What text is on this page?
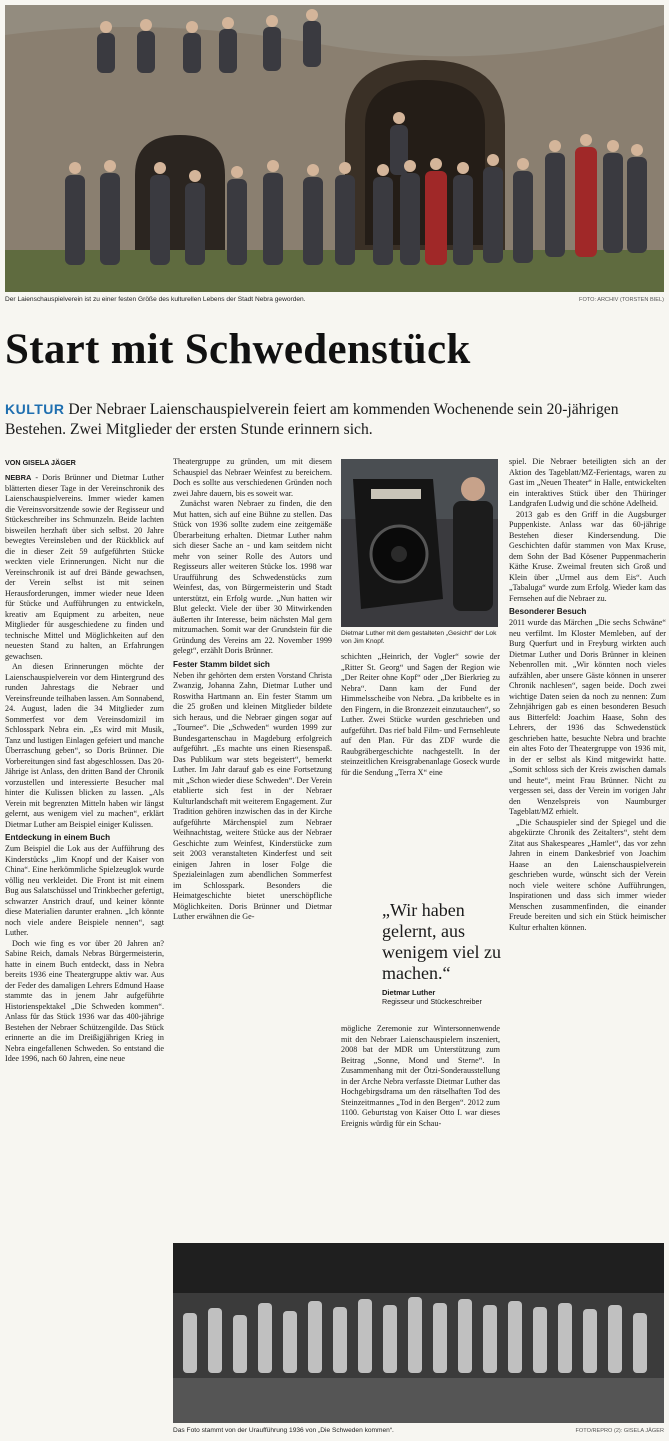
Der Laienschauspielverein ist zu einer festen Größe des kulturellen Lebens der Stadt Nebra geworden.	FOTO: ARCHIV (TORSTEN BIEL)
Start mit Schwedenstück
KULTUR Der Nebraer Laienschauspielverein feiert am kommenden Wochenende sein 20-jährigen Bestehen. Zwei Mitglieder der ersten Stunde erinnern sich.
VON GISELA JÄGER

NEBRA - Doris Brünner und Dietmar Luther blätterten dieser Tage in der Vereinschronik des Laienschauspielvereins. Immer wieder kamen die Vereinsvorsitzende sowie der Regisseur und Stückeschreiber ins Schmunzeln. Beide lachten bisweilen herzhaft über sich selbst. 20 Jahre bewegtes Vereinsleben und der Rückblick auf die in dieser Zeit 59 aufgeführten Stücke weckten viele Erinnerungen. Nicht nur die Vereinschronik ist auf drei Bände gewachsen, der Verein selbst ist mit seinen Herausforderungen, immer wieder neue Ideen für Stücke und Aufführungen zu entwickeln, kreativ am Equipment zu arbeiten, neue Mitglieder für ausgeschiedene zu finden und technische Mittel und Möglichkeiten auf den neuesten Stand zu halten, an Erfahrungen gewachsen.

An diesen Erinnerungen möchte der Laienschauspielverein vor dem Hintergrund des runden Jahrestags die Nebraer und Vereinsfreunde teilhaben lassen. Am Sonnabend, 24. August, laden die 34 Mitglieder zum Sommerfest vor dem Vereinsdomizil im Schlosspark Nebra ein. „Es wird mit Musik, Tanz und lustigen Einlagen gefeiert und manche Überraschung geben“, so Doris Brünner. Die Vorbereitungen sind fast abgeschlossen. Das 20-Jährige ist Anlass, den dritten Band der Chronik vorzustellen und interessierte Besucher mal hinter die Kulissen blicken zu lassen. „Als Verein mit begrenzten Mitteln haben wir längst gelernt, aus wenigem viel zu machen“, erklärt Dietmar Luther am Beispiel einiger Kulissen.

Entdeckung in einem Buch

Zum Beispiel die Lok aus der Aufführung des Kinderstücks „Jim Knopf und der Kaiser von China“. Eine herkömmliche Spielzeuglok wurde völlig neu verkleidet. Die Front ist mit einem Bug aus Salatschüssel und Trinkbecher gefertigt, schwarzer Anstrich drauf, und keiner könnte diese Materialien darunter erahnen. „Ich könnte noch viele andere Beispiele nennen“, sagt Luther.

Doch wie fing es vor über 20 Jahren an? Sabine Reich, damals Nebras Bürgermeisterin, hatte in einem Buch entdeckt, dass in Nebra bereits 1936 eine Theatergruppe aktiv war. Aus der Feder des damaligen Lehrers Edmund Haase stammte das in jenem Jahr aufgeführte Historienspektakel „Die Schweden kommen“. Anlass für das Stück 1936 war das 400-jährige Bestehen der Nebraer Schützengilde. Das Stück erinnerte an die im Dreißigjährigen Krieg in Nebra eingefallenen Schweden. So entstand die Idee 1996, nach 60 Jahren, eine neue

Theatergruppe zu gründen, um mit diesem Schauspiel das Nebraer Weinfest zu bereichern. Doch es sollte aus verschiedenen Gründen noch zwei Jahre dauern, bis es soweit war.

Zunächst waren Nebraer zu finden, die den Mut hatten, sich auf eine Bühne zu stellen. Das Stück von 1936 sollte zudem eine zeitgemäße Überarbeitung erhalten. Dietmar Luther nahm sich dieser Sache an - und kam seitdem nicht mehr von seiner Rolle des Autors und Regisseurs aller weiteren Stücke los. 1998 war Uraufführung des Schwedenstücks zum Weinfest, das, von Bürgermeisterin und Stadt unterstützt, ein Erfolg wurde. „Nun hatten wir Blut geleckt. Viele der über 30 Mitwirkenden äußerten ihr Interesse, beim nächsten Mal gern mitzumachen. Somit war der Grundstein für die Gründung des Vereins am 22. November 1999 gelegt“, erzählt Doris Brünner.

Fester Stamm bildet sich

Neben ihr gehörten dem ersten Vorstand Christa Zwanzig, Johanna Zahn, Dietmar Luther und Roswitha Hartmann an. Ein fester Stamm um die 25 großen und kleinen Mitglieder bildete sich heraus, und die Nebraer gingen sogar auf „Tournee“. Die „Schweden“ wurden 1999 zur Bundesgartenschau in Magdeburg erfolgreich aufgeführt. „Es machte uns einen Riesenspaß. Das Publikum war stets begeistert“, bemerkt Luther. Im Jahr darauf gab es eine Fortsetzung mit „Schon wieder diese Schweden“. Der Verein etablierte sich fest in der Nebraer Kulturlandschaft mit weiterem Engagement. Zur Tradition gehören inzwischen das in der Kirche aufgeführte Märchenspiel zum Nebraer Weihnachtstag, weitere Stücke aus der Nebraer Geschichte zum Weinfest, Kinderstücke zum seit 2003 veranstalteten Kinderfest und seit einigen Jahren in loser Folge die Spezialeinlagen zum abendlichen Sommerfest im Schlosspark. Besonders die Heimatgeschichte bietet unerschöpfliche Möglichkeiten. Doris Brünner und Dietmar Luther erwähnen die Ge-

Dietmar Luther mit dem gestalteten „Gesicht“ der Lok von Jim Knopf.

schichten „Heinrich, der Vogler“ sowie der „Ritter St. Georg“ und Sagen der Region wie „Der Reiter ohne Kopf“ oder „Der Bierkrieg zu Nebra“. Dann kam der Fund der Himmelsscheibe von Nebra. „Da kribbelte es in den Fingern, in die Bronzezeit einzutauchen“, so Luther. Zwei Stücke wurden geschrieben und aufgeführt. Das rief bald Film- und Fernsehleute auf den Plan. Für das ZDF wurde die Raubgräbergeschichte nachgestellt. In der steinzeitlichen Kreisgrabenanlage Goseck wurde für die Sendung „Terra X“ eine

„Wir haben gelernt, aus wenigem viel zu machen.“
Dietmar Luther
Regisseur und Stückeschreiber

mögliche Zeremonie zur Wintersonnenwende mit den Nebraer Laienschauspielern inszeniert, 2008 bat der MDR um Unterstützung zum Beitrag „Sonne, Mond und Sterne“. In Zusammenhang mit der Ötzi-Sonderausstellung in der Arche Nebra verfasste Dietmar Luther das Hochgebirgsdrama um den rätselhaften Tod des Steinzeitmannes „Tod in den Bergen“. 2012 zum 1100. Geburtstag von Kaiser Otto I. war dieses Ereignis würdig für ein Schau-

spiel. Die Nebraer beteiligten sich an der Aktion des Tageblatt/MZ-Ferientags, waren zu Gast im „Neuen Theater“ in Halle, entwickelten ein interaktives Stück über den Thüringer Landgrafen Ludwig und die schöne Adelheid.

2013 gab es den Griff in die Augsburger Puppenkiste. Anlass war das 60-jährige Bestehen dieser Kindersendung. Die Geschichten dafür stammen von Max Kruse, dem Sohn der Bad Kösener Puppenmacherin Käthe Kruse. Zweimal freuten sich Groß und Klein über „Urmel aus dem Eis“. Auch „Tabaluga“ wurde zum Erfolg. Wieder kam das Fernsehen auf die Nebraer zu.

Besonderer Besuch

2011 wurde das Märchen „Die sechs Schwäne“ neu verfilmt. Im Kloster Memleben, auf der Burg Querfurt und in Freyburg wirkten auch Dietmar Luther und Doris Brünner in kleinen Nebenrollen mit. „Wir könnten noch vieles aufzählen, aber unsere Gäste können in unserer Chronik nachlesen“, sagen beide. Doch zwei wichtige Daten seien da noch zu nennen: Zum Zehnjährigen gab es einen besonderen Besuch aus Bitterfeld: Joachim Haase, Sohn des Lehrers, der 1936 das Schwedenstück geschrieben hatte, besuchte Nebra und brachte ein altes Foto der Theatergruppe von 1936 mit, in der er selbst als Kind mitgewirkt hatte. „Somit schloss sich der Kreis zwischen damals und heute“, meint Frau Brünner. Nicht zu vergessen sei, dass der Verein im vorigen Jahr den Wenzelspreis von Naumburger Tageblatt/MZ erhielt.

„Die Schauspieler sind der Spiegel und die abgekürzte Chronik des Zeitalters“, steht dem Zitat aus Shakespeares „Hamlet“, das vor zehn Jahren in einem Dankesbrief von Joachim Haase an den Laienschauspielverein geschrieben wurde, wünscht sich der Verein noch viele weitere schöne Aufführungen, Inspirationen und dass sich immer wieder Menschen zusammenfinden, die einander Freude bereiten und sich ein Stück heimischer Kultur erhalten können.

Das Foto stammt von der Uraufführung 1936 von „Die Schweden kommen“.	FOTO/REPRO (2): GISELA JÄGER
